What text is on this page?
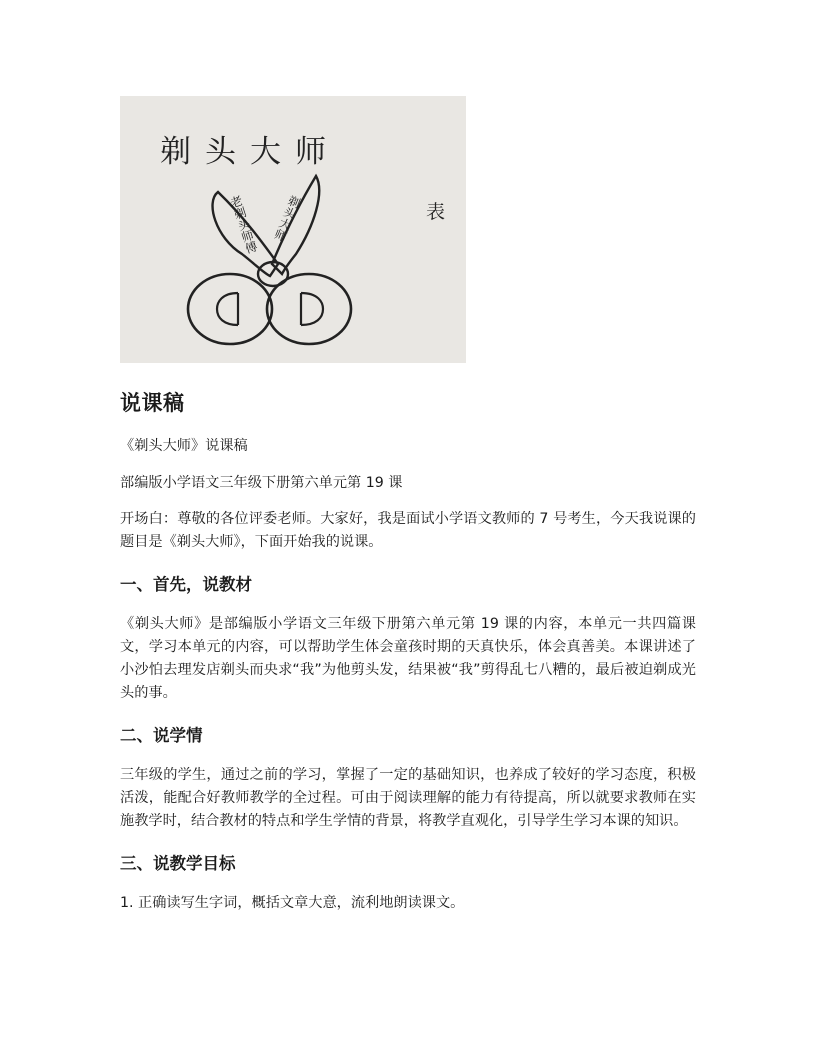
剃头大师
表
老剃头师傅 剃头大师
说课稿

《剃头大师》说课稿

部编版小学语文三年级下册第六单元第 19 课

开场白：尊敬的各位评委老师。大家好，我是面试小学语文教师的 7 号考生，今天我说课的题目是《剃头大师》，下面开始我的说课。

一、首先，说教材

《剃头大师》是部编版小学语文三年级下册第六单元第 19 课的内容，本单元一共四篇课文，学习本单元的内容，可以帮助学生体会童孩时期的天真快乐，体会真善美。本课讲述了小沙怕去理发店剃头而央求“我”为他剪头发，结果被“我”剪得乱七八糟的，最后被迫剃成光头的事。

二、说学情

三年级的学生，通过之前的学习，掌握了一定的基础知识，也养成了较好的学习态度，积极活泼，能配合好教师教学的全过程。可由于阅读理解的能力有待提高，所以就要求教师在实施教学时，结合教材的特点和学生学情的背景，将教学直观化，引导学生学习本课的知识。

三、说教学目标

1. 正确读写生字词，概括文章大意，流利地朗读课文。
